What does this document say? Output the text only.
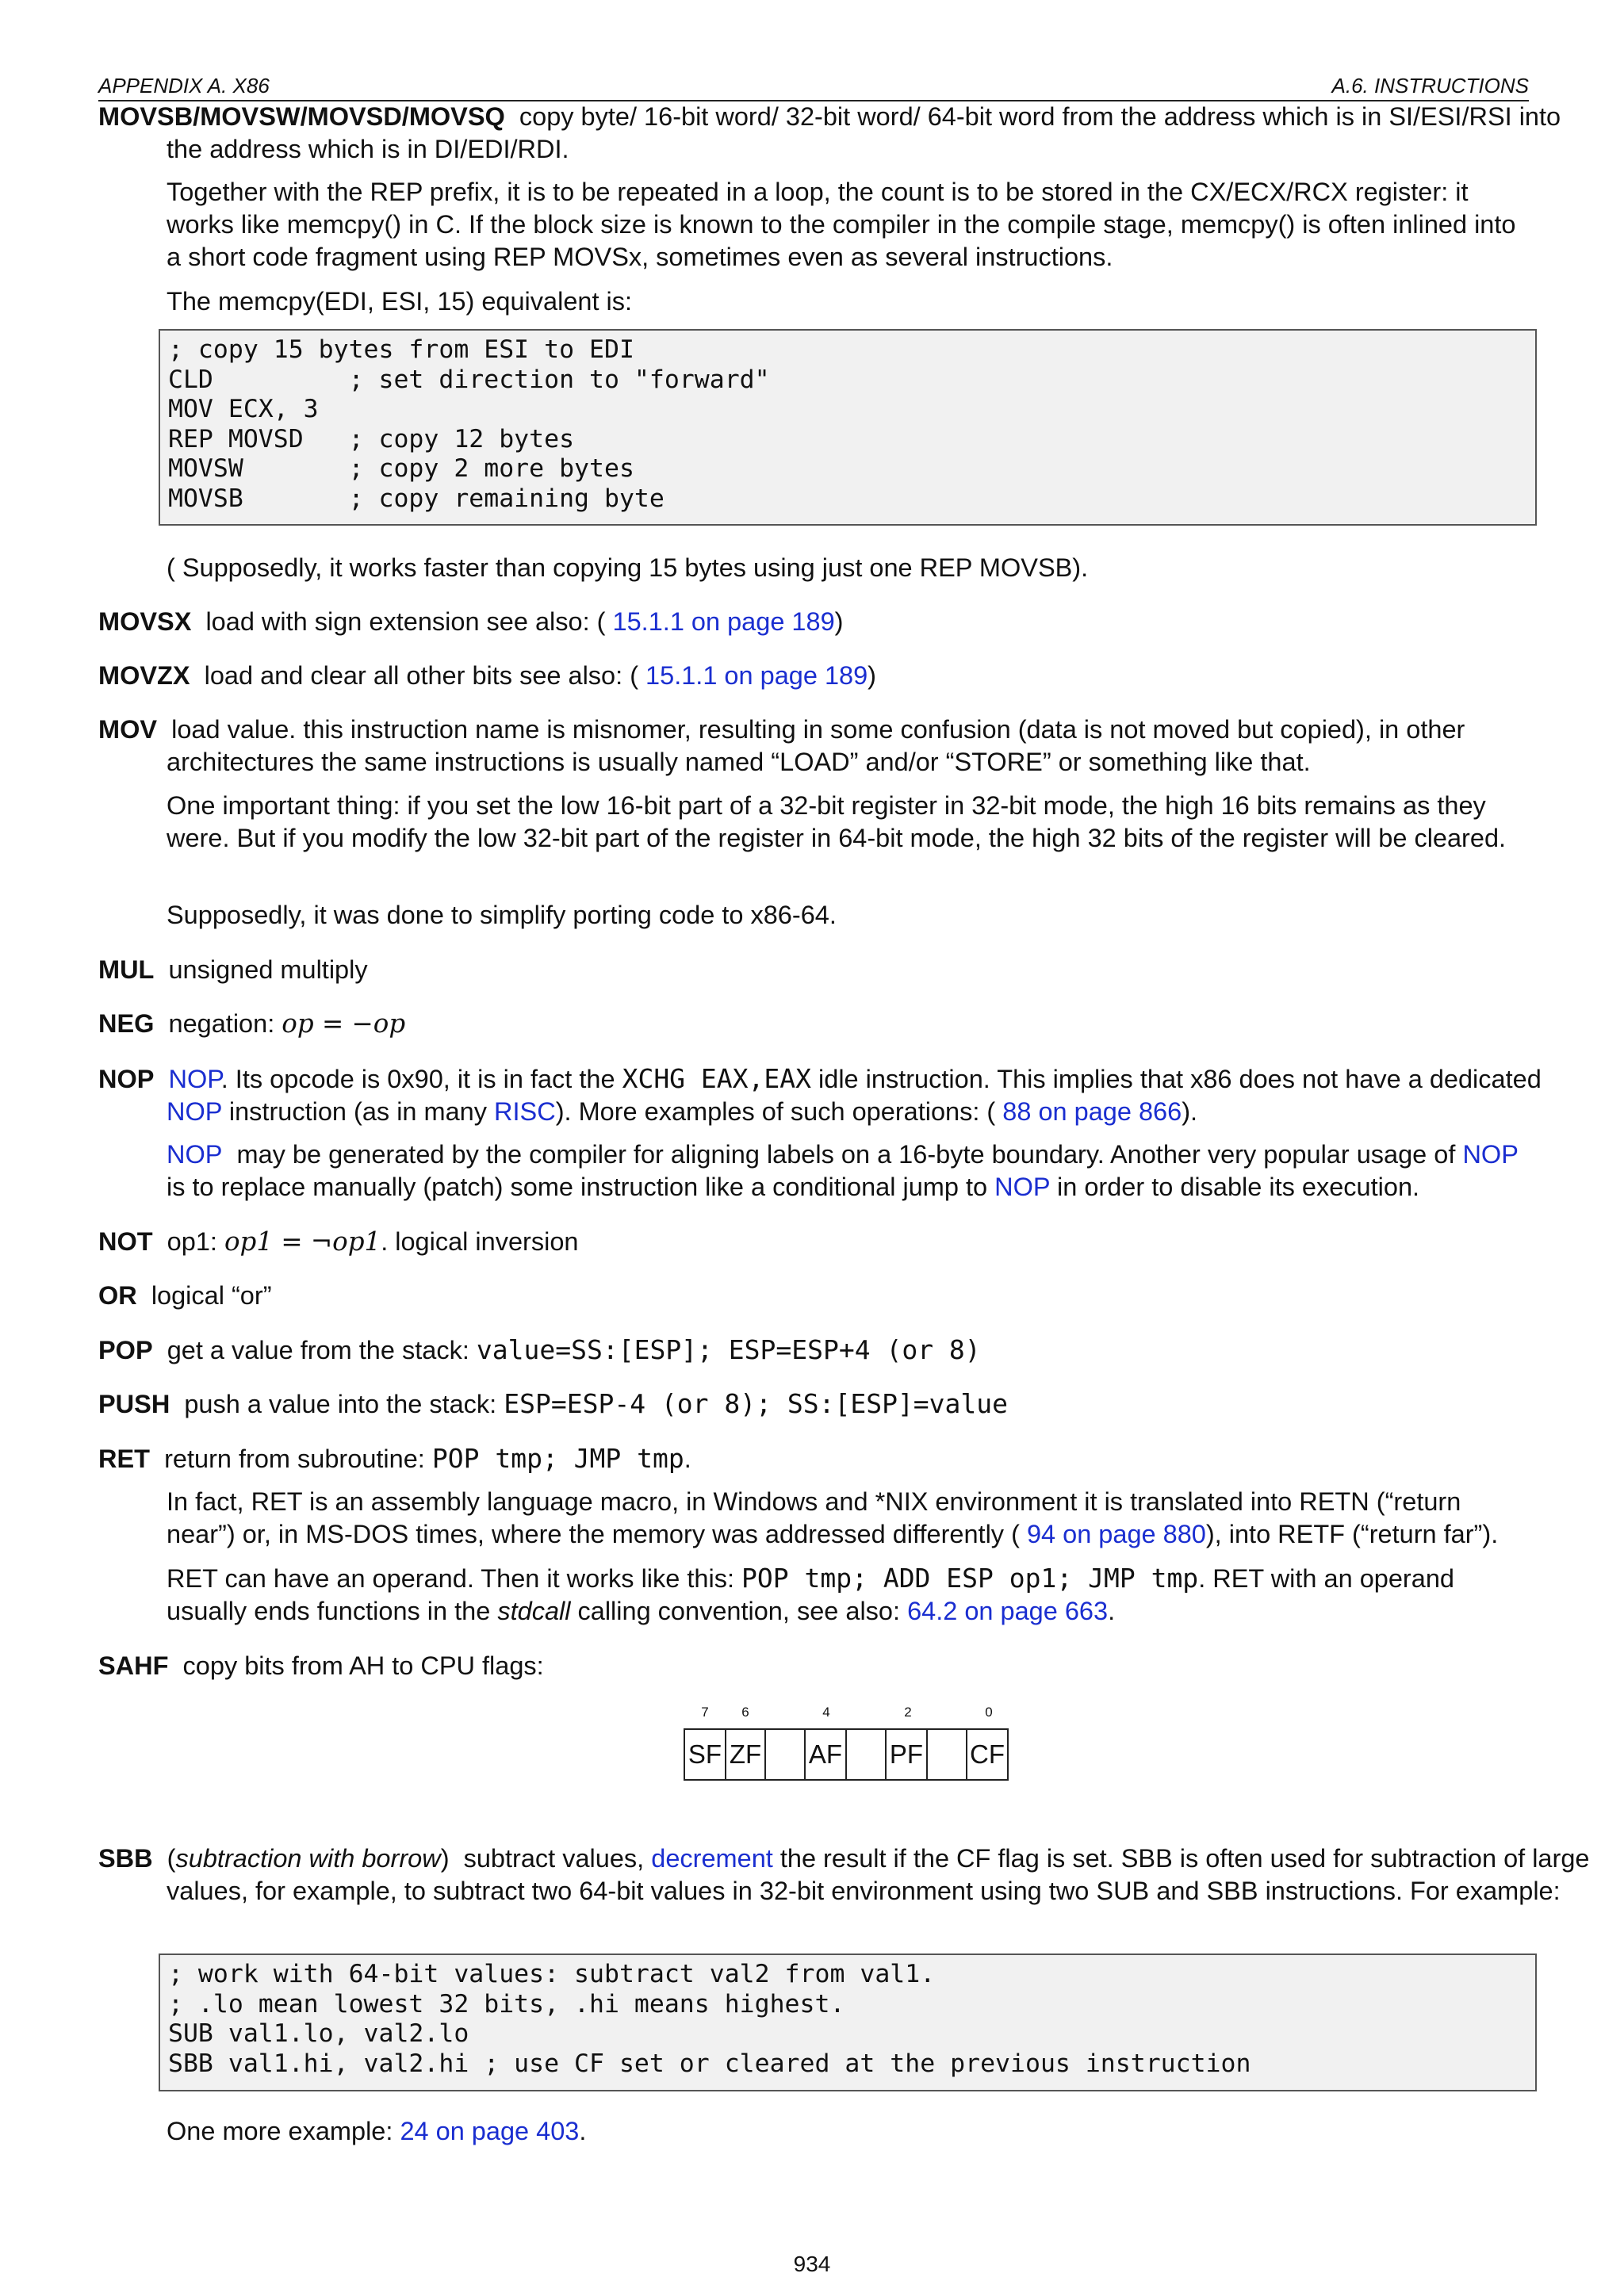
APPENDIX A. X86	A.6. INSTRUCTIONS
MOVSB/MOVSW/MOVSD/MOVSQ copy byte/ 16-bit word/ 32-bit word/ 64-bit word from the address which is in SI/ESI/RSI into the address which is in DI/EDI/RDI.
Together with the REP prefix, it is to be repeated in a loop, the count is to be stored in the CX/ECX/RCX register: it works like memcpy() in C. If the block size is known to the compiler in the compile stage, memcpy() is often inlined into a short code fragment using REP MOVSx, sometimes even as several instructions.
The memcpy(EDI, ESI, 15) equivalent is:
; copy 15 bytes from ESI to EDI
CLD         ; set direction to "forward"
MOV ECX, 3
REP MOVSD   ; copy 12 bytes
MOVSW       ; copy 2 more bytes
MOVSB       ; copy remaining byte
( Supposedly, it works faster than copying 15 bytes using just one REP MOVSB).
MOVSX load with sign extension see also: ( 15.1.1 on page 189)
MOVZX load and clear all other bits see also: ( 15.1.1 on page 189)
MOV load value. this instruction name is misnomer, resulting in some confusion (data is not moved but copied), in other architectures the same instructions is usually named “LOAD” and/or “STORE” or something like that.
One important thing: if you set the low 16-bit part of a 32-bit register in 32-bit mode, the high 16 bits remains as they were. But if you modify the low 32-bit part of the register in 64-bit mode, the high 32 bits of the register will be cleared.
Supposedly, it was done to simplify porting code to x86-64.
MUL unsigned multiply
NEG negation: op = −op
NOP NOP. Its opcode is 0x90, it is in fact the XCHG EAX,EAX idle instruction. This implies that x86 does not have a dedicated NOP instruction (as in many RISC). More examples of such operations: ( 88 on page 866).
NOP may be generated by the compiler for aligning labels on a 16-byte boundary. Another very popular usage of NOP is to replace manually (patch) some instruction like a conditional jump to NOP in order to disable its execution.
NOT op1: op1 = ¬op1. logical inversion
OR logical “or”
POP get a value from the stack: value=SS:[ESP]; ESP=ESP+4 (or 8)
PUSH push a value into the stack: ESP=ESP-4 (or 8); SS:[ESP]=value
RET return from subroutine: POP tmp; JMP tmp.
In fact, RET is an assembly language macro, in Windows and *NIX environment it is translated into RETN (“return near”) or, in MS-DOS times, where the memory was addressed differently ( 94 on page 880), into RETF (“return far”).
RET can have an operand. Then it works like this: POP tmp; ADD ESP op1; JMP tmp. RET with an operand usually ends functions in the stdcall calling convention, see also: 64.2 on page 663.
SAHF copy bits from AH to CPU flags:
SBB  (subtraction with borrow)  subtract values, decrement the result if the CF flag is set. SBB is often used for subtraction of large values, for example, to subtract two 64-bit values in 32-bit environment using two SUB and SBB instructions. For example:
; work with 64-bit values: subtract val2 from val1.
; .lo mean lowest 32 bits, .hi means highest.
SUB val1.lo, val2.lo
SBB val1.hi, val2.hi ; use CF set or cleared at the previous instruction
One more example: 24 on page 403.
7 6	4	2	0
SF ZF AF PF CF
934
